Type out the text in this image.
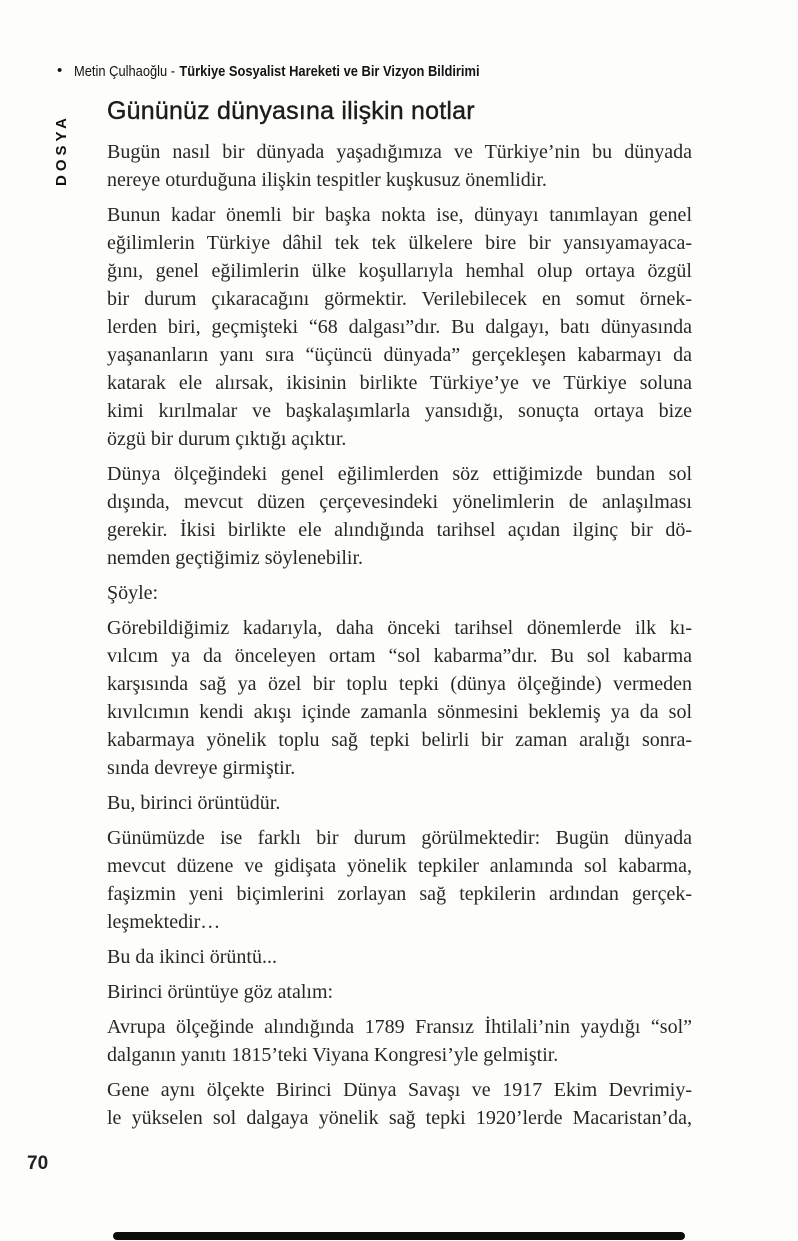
• Metin Çulhaoğlu - Türkiye Sosyalist Hareketi ve Bir Vizyon Bildirimi
DOSYA
Gününüz dünyasına ilişkin notlar
Bugün nasıl bir dünyada yaşadığımıza ve Türkiye’nin bu dünyada
nereye oturduğuna ilişkin tespitler kuşkusuz önemlidir.
Bunun kadar önemli bir başka nokta ise, dünyayı tanımlayan genel
eğilimlerin Türkiye dâhil tek tek ülkelere bire bir yansıyamayaca-
ğını, genel eğilimlerin ülke koşullarıyla hemhal olup ortaya özgül
bir durum çıkaracağını görmektir. Verilebilecek en somut örnek-
lerden biri, geçmişteki “68 dalgası”dır. Bu dalgayı, batı dünyasında
yaşananların yanı sıra “üçüncü dünyada” gerçekleşen kabarmayı da
katarak ele alırsak, ikisinin birlikte Türkiye’ye ve Türkiye soluna
kimi kırılmalar ve başkalaşımlarla yansıdığı, sonuçta ortaya bize
özgü bir durum çıktığı açıktır.
Dünya ölçeğindeki genel eğilimlerden söz ettiğimizde bundan sol
dışında, mevcut düzen çerçevesindeki yönelimlerin de anlaşılması
gerekir. İkisi birlikte ele alındığında tarihsel açıdan ilginç bir dö-
nemden geçtiğimiz söylenebilir.
Şöyle:
Görebildiğimiz kadarıyla, daha önceki tarihsel dönemlerde ilk kı-
vılcım ya da önceleyen ortam “sol kabarma”dır. Bu sol kabarma
karşısında sağ ya özel bir toplu tepki (dünya ölçeğinde) vermeden
kıvılcımın kendi akışı içinde zamanla sönmesini beklemiş ya da sol
kabarmaya yönelik toplu sağ tepki belirli bir zaman aralığı sonra-
sında devreye girmiştir.
Bu, birinci örüntüdür.
Günümüzde ise farklı bir durum görülmektedir: Bugün dünyada
mevcut düzene ve gidişata yönelik tepkiler anlamında sol kabarma,
faşizmin yeni biçimlerini zorlayan sağ tepkilerin ardından gerçek-
leşmektedir…
Bu da ikinci örüntü...
Birinci örüntüye göz atalım:
Avrupa ölçeğinde alındığında 1789 Fransız İhtilali’nin yaydığı “sol”
dalganın yanıtı 1815’teki Viyana Kongresi’yle gelmiştir.
Gene aynı ölçekte Birinci Dünya Savaşı ve 1917 Ekim Devrimiy-
le yükselen sol dalgaya yönelik sağ tepki 1920’lerde Macaristan’da,
70
